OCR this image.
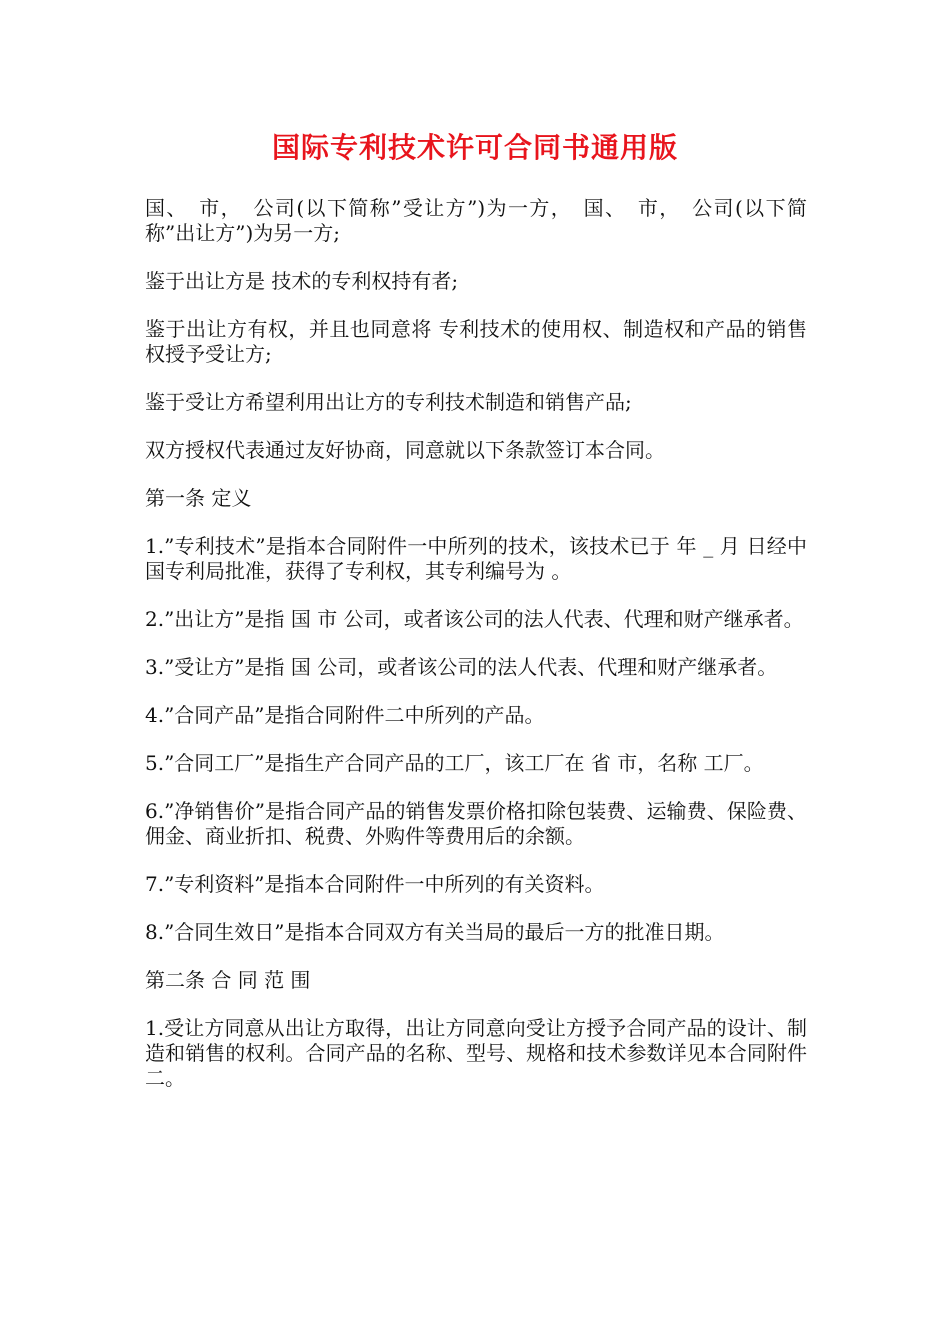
国际专利技术许可合同书通用版

国、　市，　公司(以下简称”受让方”)为一方，　国、　市，　公司(以下简称”出让方”)为另一方;

鉴于出让方是 技术的专利权持有者;

鉴于出让方有权，并且也同意将 专利技术的使用权、制造权和产品的销售权授予受让方;

鉴于受让方希望利用出让方的专利技术制造和销售产品;

双方授权代表通过友好协商，同意就以下条款签订本合同。

第一条 定义

1.”专利技术”是指本合同附件一中所列的技术，该技术已于 年 _ 月 日经中国专利局批准，获得了专利权，其专利编号为 。

2.”出让方”是指 国 市 公司，或者该公司的法人代表、代理和财产继承者。

3.”受让方”是指 国 公司，或者该公司的法人代表、代理和财产继承者。

4.”合同产品”是指合同附件二中所列的产品。

5.”合同工厂”是指生产合同产品的工厂，该工厂在 省 市，名称 工厂。

6.”净销售价”是指合同产品的销售发票价格扣除包装费、运输费、保险费、佣金、商业折扣、税费、外购件等费用后的余额。

7.”专利资料”是指本合同附件一中所列的有关资料。

8.”合同生效日”是指本合同双方有关当局的最后一方的批准日期。

第二条 合 同 范 围

1.受让方同意从出让方取得，出让方同意向受让方授予合同产品的设计、制造和销售的权利。合同产品的名称、型号、规格和技术参数详见本合同附件二。
